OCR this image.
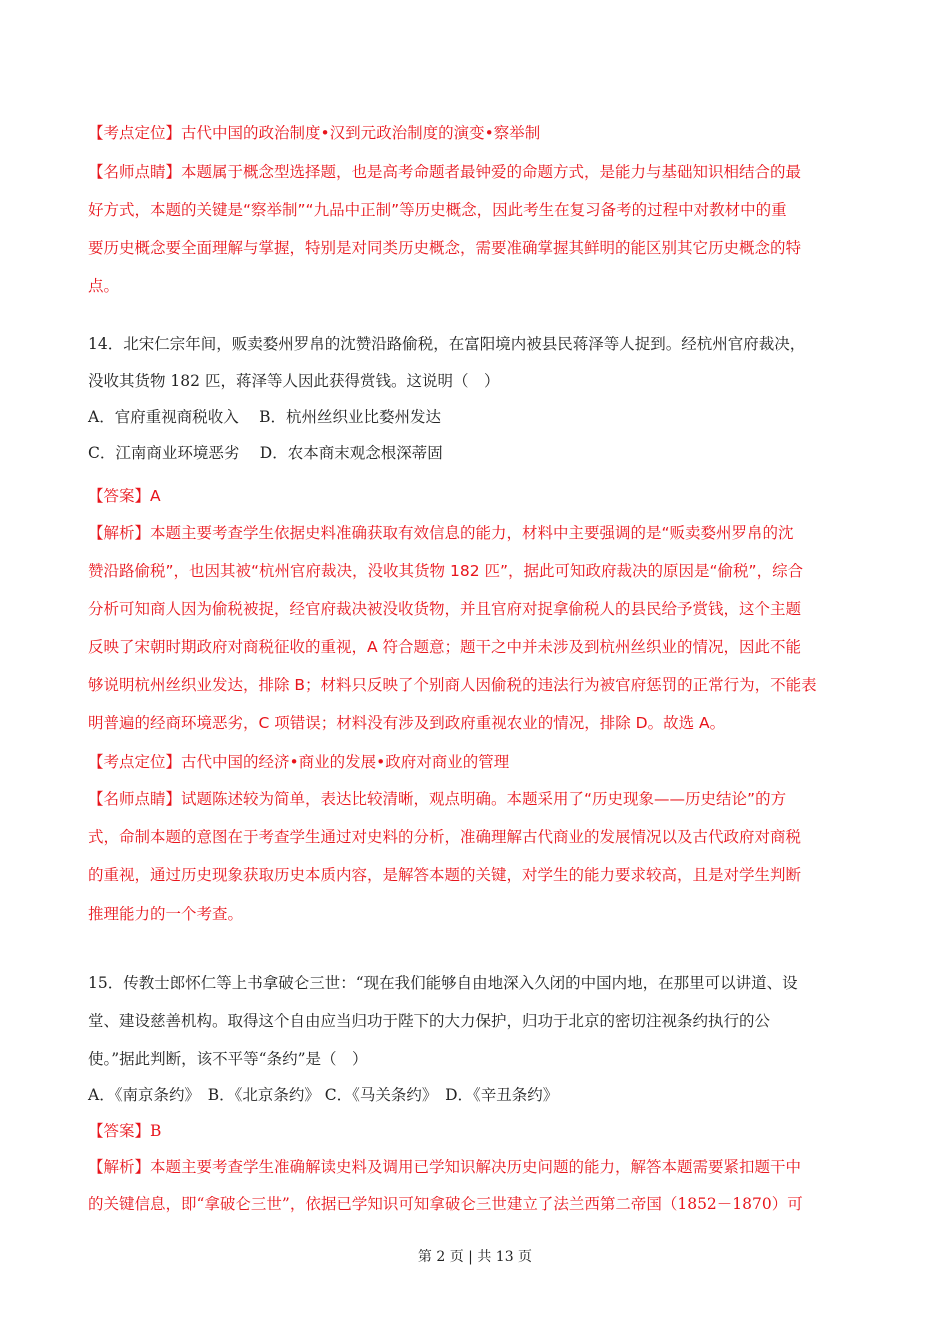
【考点定位】古代中国的政治制度•汉到元政治制度的演变•察举制
【名师点睛】本题属于概念型选择题，也是高考命题者最钟爱的命题方式，是能力与基础知识相结合的最
好方式，本题的关键是“察举制”“九品中正制”等历史概念，因此考生在复习备考的过程中对教材中的重
要历史概念要全面理解与掌握，特别是对同类历史概念，需要准确掌握其鲜明的能区别其它历史概念的特
点。
14．北宋仁宗年间，贩卖婺州罗帛的沈赞沿路偷税，在富阳境内被县民蒋泽等人捉到。经杭州官府裁决，
没收其货物 182 匹，蒋泽等人因此获得赏钱。这说明（　）
A．官府重视商税收入　 B．杭州丝织业比婺州发达
C．江南商业环境恶劣　 D．农本商末观念根深蒂固
【答案】A
【解析】本题主要考查学生依据史料准确获取有效信息的能力，材料中主要强调的是“贩卖婺州罗帛的沈
赞沿路偷税”，也因其被“杭州官府裁决，没收其货物 182 匹”，据此可知政府裁决的原因是“偷税”，综合
分析可知商人因为偷税被捉，经官府裁决被没收货物，并且官府对捉拿偷税人的县民给予赏钱，这个主题
反映了宋朝时期政府对商税征收的重视，A 符合题意；题干之中并未涉及到杭州丝织业的情况，因此不能
够说明杭州丝织业发达，排除 B；材料只反映了个别商人因偷税的违法行为被官府惩罚的正常行为，不能表
明普遍的经商环境恶劣，C 项错误；材料没有涉及到政府重视农业的情况，排除 D。故选 A。
【考点定位】古代中国的经济•商业的发展•政府对商业的管理
【名师点睛】试题陈述较为简单，表达比较清晰，观点明确。本题采用了“历史现象——历史结论”的方
式，命制本题的意图在于考查学生通过对史料的分析，准确理解古代商业的发展情况以及古代政府对商税
的重视，通过历史现象获取历史本质内容，是解答本题的关键，对学生的能力要求较高，且是对学生判断
推理能力的一个考查。
15．传教士郎怀仁等上书拿破仑三世：“现在我们能够自由地深入久闭的中国内地，在那里可以讲道、设
堂、建设慈善机构。取得这个自由应当归功于陛下的大力保护，归功于北京的密切注视条约执行的公
使。”据此判断，该不平等“条约”是（　）
A．《南京条约》　B．《北京条约》 C．《马关条约》　D．《辛丑条约》
【答案】B
【解析】本题主要考查学生准确解读史料及调用已学知识解决历史问题的能力，解答本题需要紧扣题干中
的关键信息，即“拿破仑三世”，依据已学知识可知拿破仑三世建立了法兰西第二帝国（1852－1870）可
第 2 页 | 共 13 页
